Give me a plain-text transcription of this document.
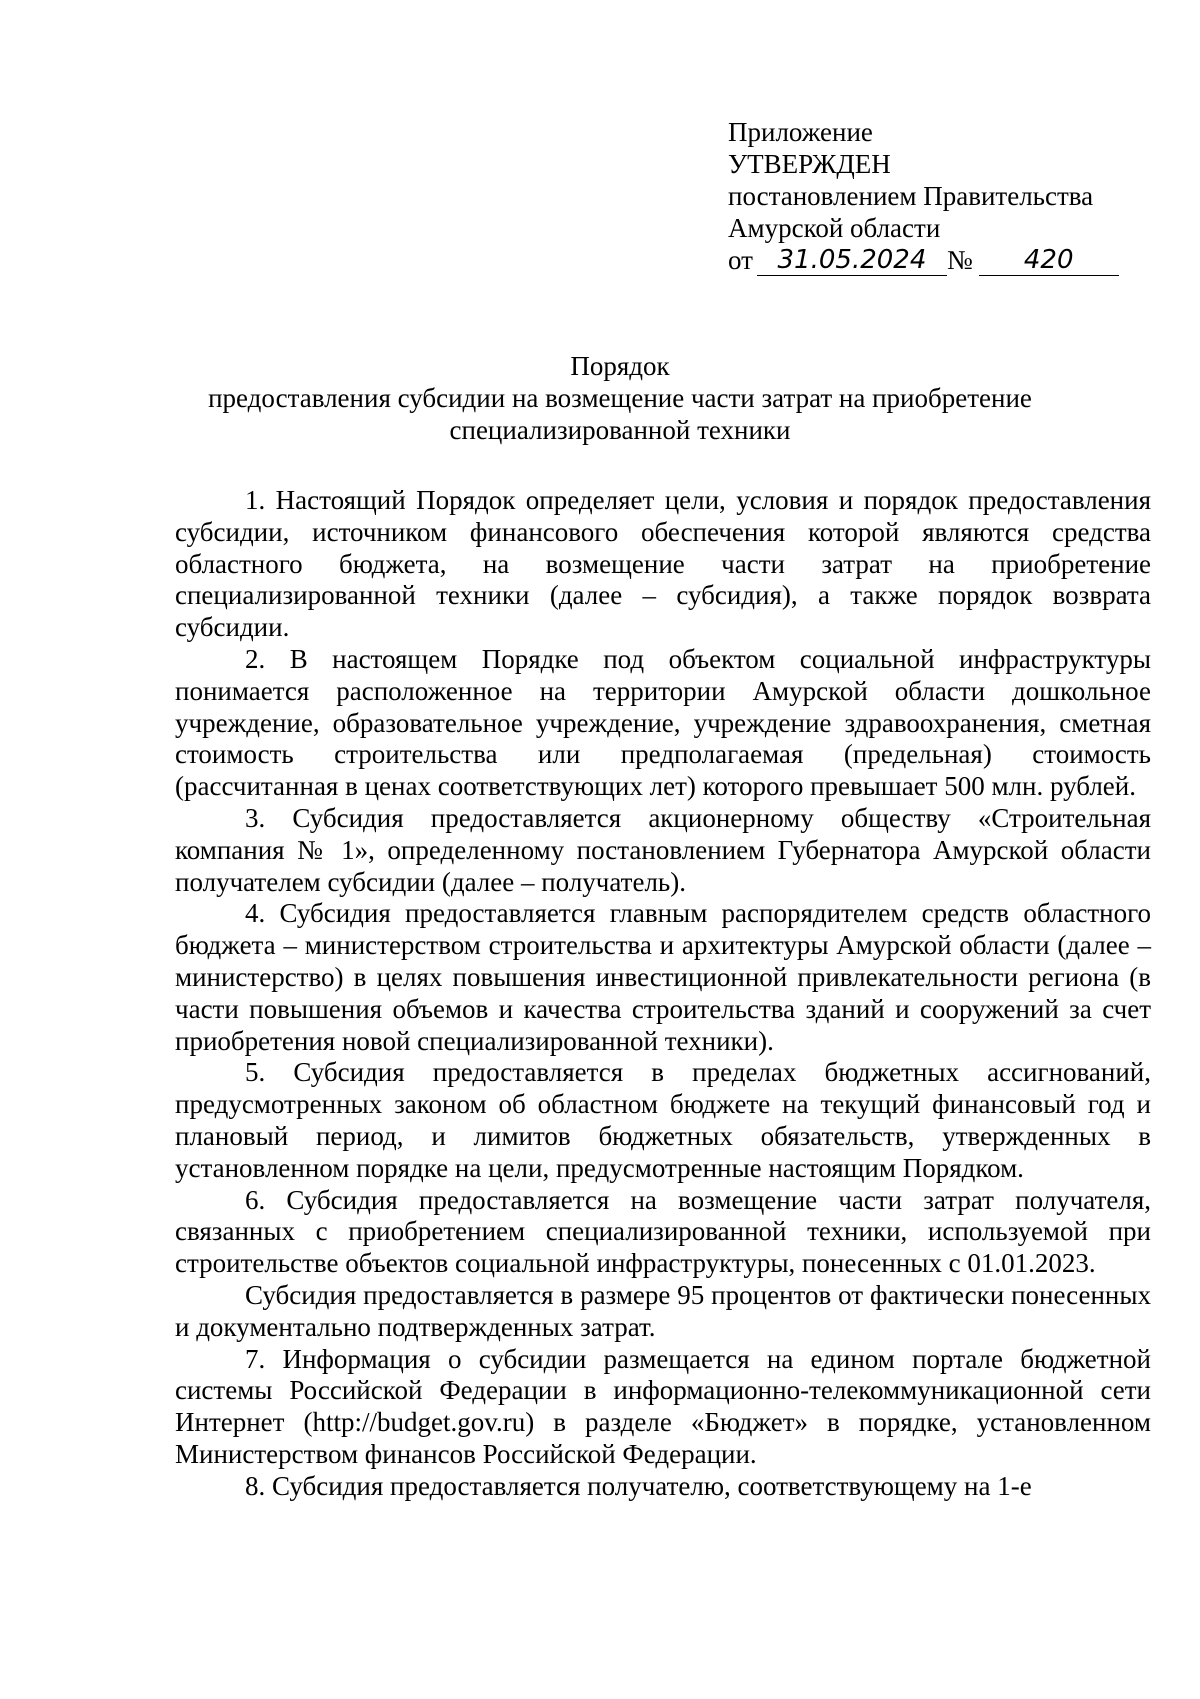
Приложение
УТВЕРЖДЕН
постановлением Правительства
Амурской области
от 31.05.2024 №	420
Порядок
предоставления субсидии на возмещение части затрат на приобретение
специализированной техники

1. Настоящий Порядок определяет цели, условия и порядок предоставления субсидии, источником финансового обеспечения которой являются средства областного бюджета, на возмещение части затрат на приобретение специализированной техники (далее – субсидия), а также порядок возврата субсидии.

2. В настоящем Порядке под объектом социальной инфраструктуры понимается расположенное на территории Амурской области дошкольное учреждение, образовательное учреждение, учреждение здравоохранения, сметная стоимость строительства или предполагаемая (предельная) стоимость (рассчитанная в ценах соответствующих лет) которого превышает 500 млн. рублей.

3. Субсидия предоставляется акционерному обществу «Строительная компания № 1», определенному постановлением Губернатора Амурской области получателем субсидии (далее – получатель).

4. Субсидия предоставляется главным распорядителем средств областного бюджета – министерством строительства и архитектуры Амурской области (далее – министерство) в целях повышения инвестиционной привлекательности региона (в части повышения объемов и качества строительства зданий и сооружений за счет приобретения новой специализированной техники).

5. Субсидия предоставляется в пределах бюджетных ассигнований, предусмотренных законом об областном бюджете на текущий финансовый год и плановый период, и лимитов бюджетных обязательств, утвержденных в установленном порядке на цели, предусмотренные настоящим Порядком.

6. Субсидия предоставляется на возмещение части затрат получателя, связанных с приобретением специализированной техники, используемой при строительстве объектов социальной инфраструктуры, понесенных с 01.01.2023.

Субсидия предоставляется в размере 95 процентов от фактически понесенных и документально подтвержденных затрат.

7. Информация о субсидии размещается на едином портале бюджетной системы Российской Федерации в информационно-телекоммуникационной сети Интернет (http://budget.gov.ru) в разделе «Бюджет» в порядке, установленном Министерством финансов Российской Федерации.

8. Субсидия предоставляется получателю, соответствующему на 1-е
